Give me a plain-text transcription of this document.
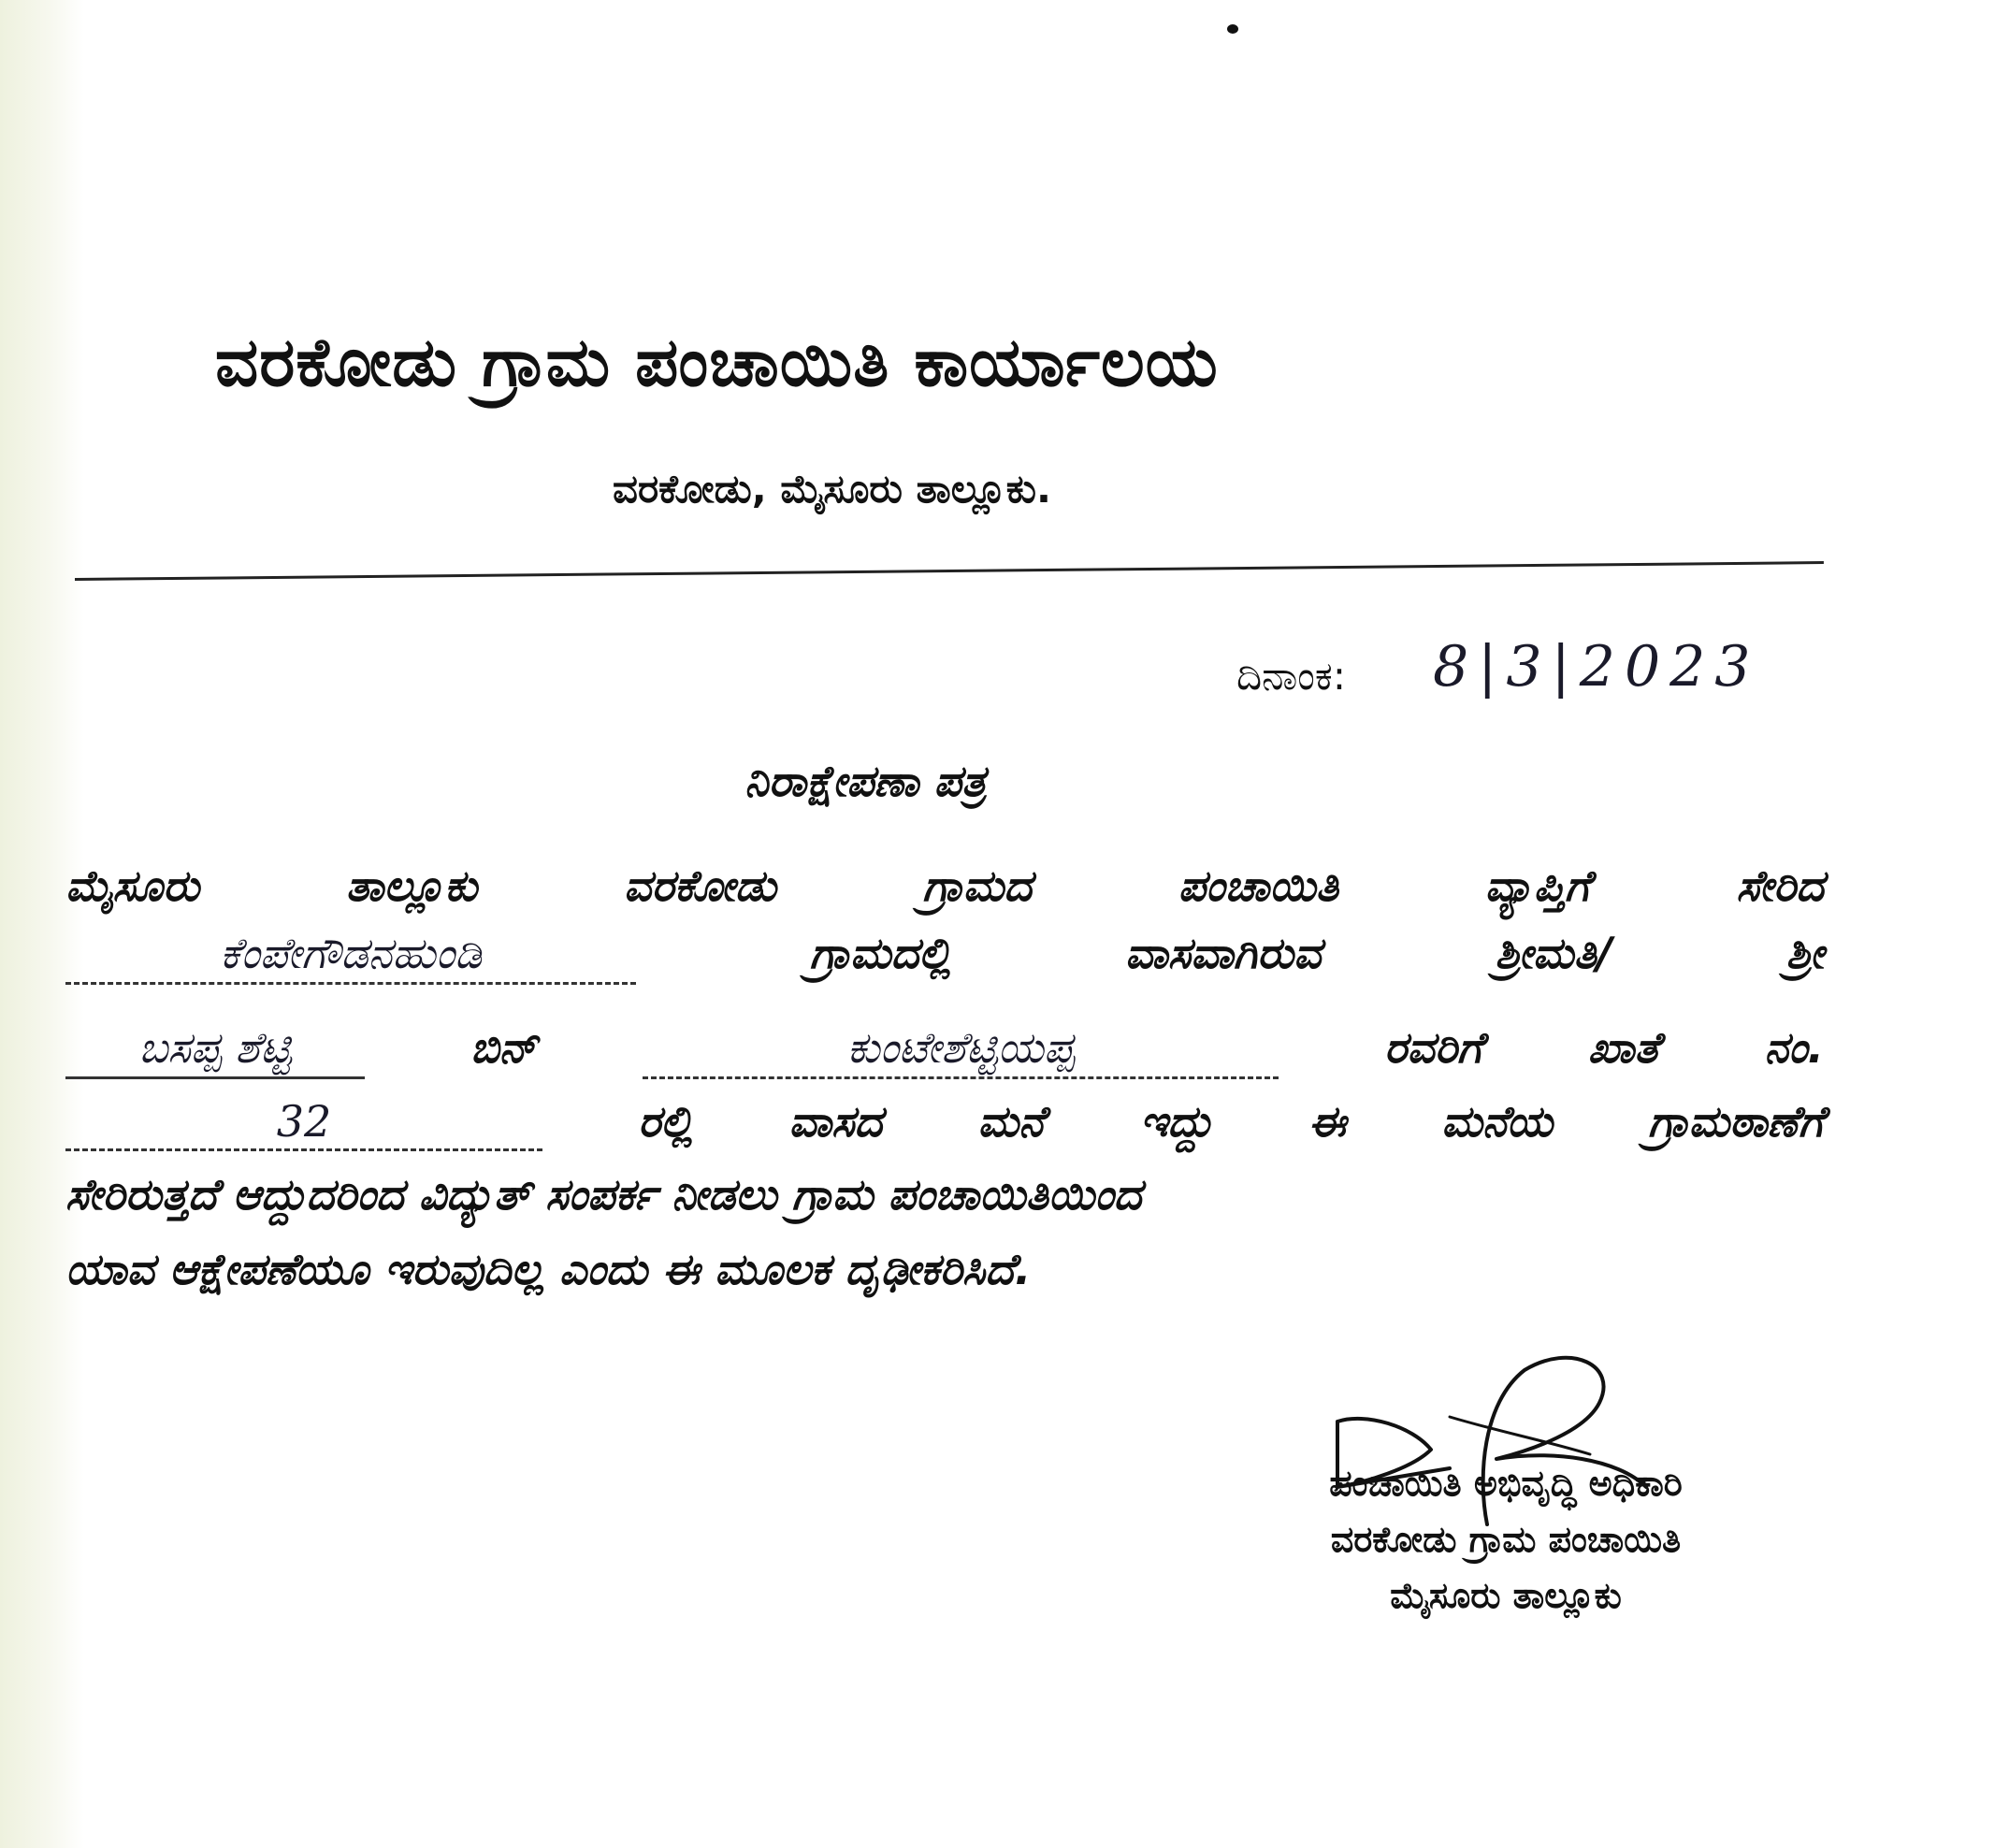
ವರಕೋಡು ಗ್ರಾಮ ಪಂಚಾಯಿತಿ ಕಾರ್ಯಾಲಯ
ವರಕೋಡು, ಮೈಸೂರು ತಾಲ್ಲೂಕು.
ದಿನಾಂಕ: 8|3|2023
ನಿರಾಕ್ಷೇಪಣಾ ಪತ್ರ
ಮೈಸೂರು	ತಾಲ್ಲೂಕು	ವರಕೋಡು	ಗ್ರಾಮದ	ಪಂಚಾಯಿತಿ	ವ್ಯಾಪ್ತಿಗೆ	ಸೇರಿದ
ಕೆಂಪೇಗೌಡನಹುಂಡಿ	ಗ್ರಾಮದಲ್ಲಿ	ವಾಸವಾಗಿರುವ	ಶ್ರೀಮತಿ/	ಶ್ರೀ
ಬಸಪ್ಪ ಶೆಟ್ಟಿ	ಬಿನ್	ಕುಂಟೇಶೆಟ್ಟಿಯಪ್ಪ	ರವರಿಗೆ ಖಾತೆ ನಂ.
32	ರಲ್ಲಿ ವಾಸದ ಮನೆ ಇದ್ದು ಈ ಮನೆಯ ಗ್ರಾಮಠಾಣೆಗೆ
ಸೇರಿರುತ್ತದೆ ಆದ್ದುದರಿಂದ ವಿದ್ಯುತ್ ಸಂಪರ್ಕ ನೀಡಲು ಗ್ರಾಮ ಪಂಚಾಯಿತಿಯಿಂದ
ಯಾವ ಆಕ್ಷೇಪಣೆಯೂ ಇರುವುದಿಲ್ಲ ಎಂದು ಈ ಮೂಲಕ ದೃಢೀಕರಿಸಿದೆ.
ಪಂಚಾಯಿತಿ ಅಭಿವೃದ್ಧಿ ಅಧಿಕಾರಿ
ವರಕೋಡು ಗ್ರಾಮ ಪಂಚಾಯಿತಿ
ಮೈಸೂರು ತಾಲ್ಲೂಕು
